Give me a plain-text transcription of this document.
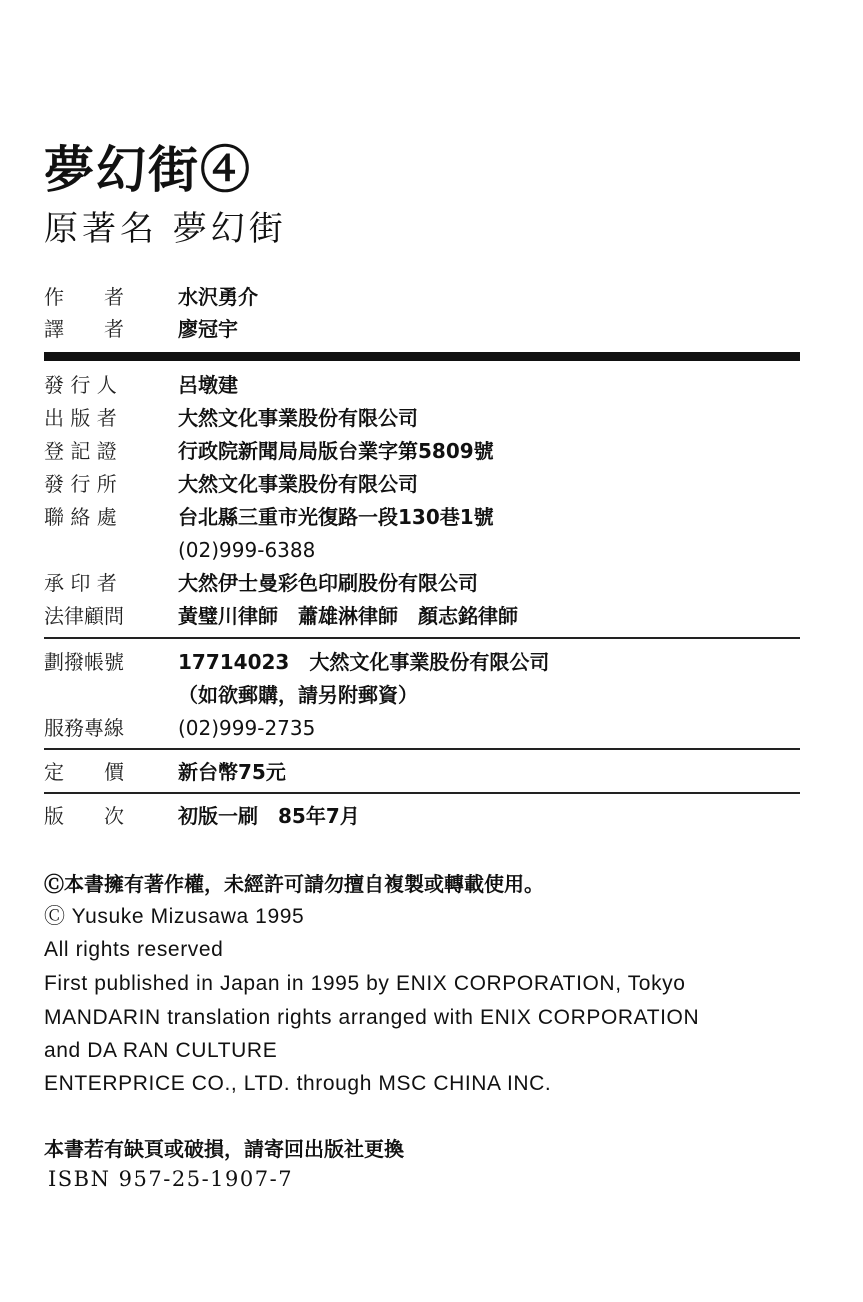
夢幻街④
原著名 夢幻街
作　　者	水沢勇介
譯　　者	廖冠宇
發 行 人	呂墩建
出 版 者	大然文化事業股份有限公司
登 記 證	行政院新聞局局版台業字第5809號
發 行 所	大然文化事業股份有限公司
聯 絡 處	台北縣三重市光復路一段130巷1號
(02)999-6388
承 印 者	大然伊士曼彩色印刷股份有限公司
法律顧問	黃璧川律師　蕭雄淋律師　顏志銘律師
劃撥帳號	17714023　大然文化事業股份有限公司
（如欲郵購，請另附郵資）
服務專線	(02)999-2735
定　　價	新台幣75元
版　　次	初版一刷　85年7月
Ⓒ本書擁有著作權，未經許可請勿擅自複製或轉載使用。
Ⓒ Yusuke Mizusawa 1995
All rights reserved
First published in Japan in 1995 by ENIX CORPORATION, Tokyo
MANDARIN translation rights arranged with ENIX CORPORATION
and DA RAN CULTURE
ENTERPRICE CO., LTD. through MSC CHINA INC.
本書若有缺頁或破損，請寄回出版社更換
ISBN 957-25-1907-7
